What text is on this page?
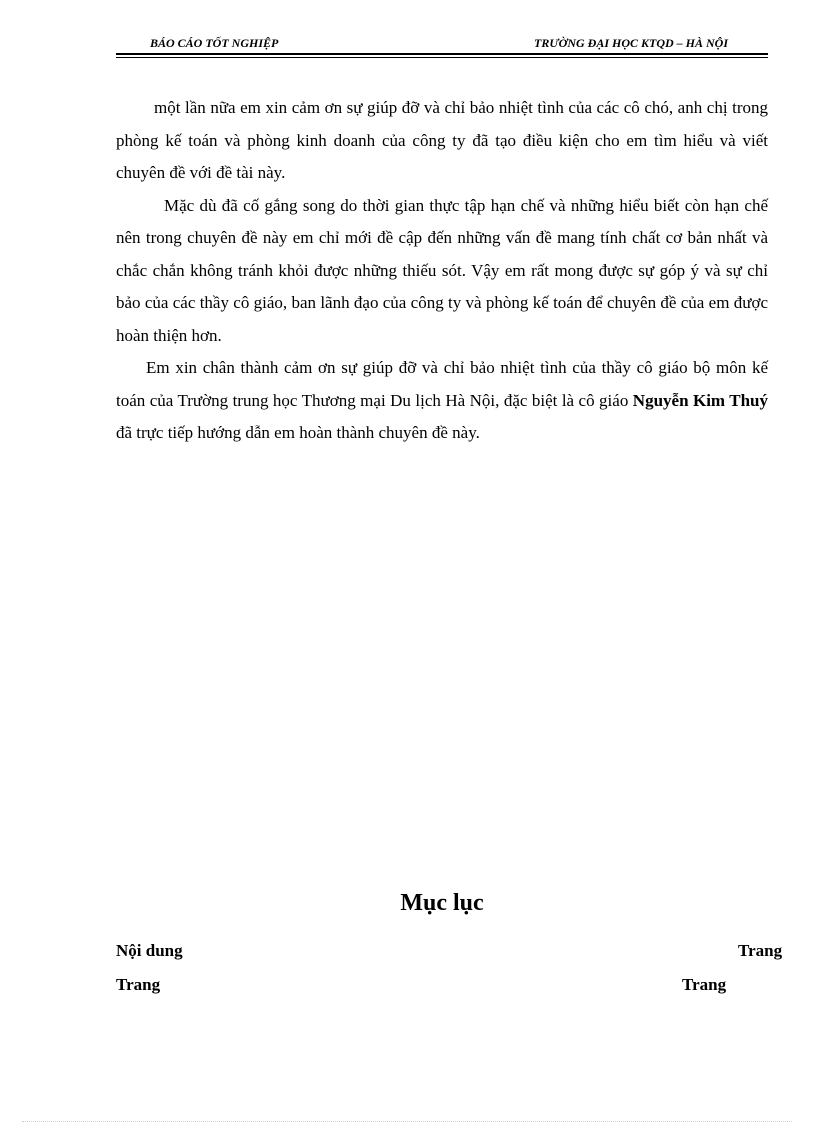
BÁO CÁO TỐT NGHIỆP	TRƯỜNG ĐẠI HỌC KTQD – HÀ NỘI

một lần nữa em xin cảm ơn sự giúp đỡ và chỉ bảo nhiệt tình của các cô chó, anh chị trong phòng kế toán và phòng kinh doanh của công ty đã tạo điều kiện cho em tìm hiểu và viết chuyên đề với đề tài này.

Mặc dù đã cố gắng song do thời gian thực tập hạn chế và những hiểu biết còn hạn chế nên trong chuyên đề này em chỉ mới đề cập đến những vấn đề mang tính chất cơ bản nhất và chắc chắn không tránh khỏi được những thiếu sót. Vậy em rất mong được sự góp ý và sự chỉ bảo của các thầy cô giáo, ban lãnh đạo của công ty và phòng kế toán để chuyên đề của em được hoàn thiện hơn.

Em xin chân thành cảm ơn sự giúp đỡ và chỉ bảo nhiệt tình của thầy cô giáo bộ môn kế toán của Trường trung học Thương mại Du lịch Hà Nội, đặc biệt là cô giáo Nguyễn Kim Thuý đã trực tiếp hướng dẫn em hoàn thành chuyên đề này.

Mục lục
Nội dung	Trang
Trang	Trang
